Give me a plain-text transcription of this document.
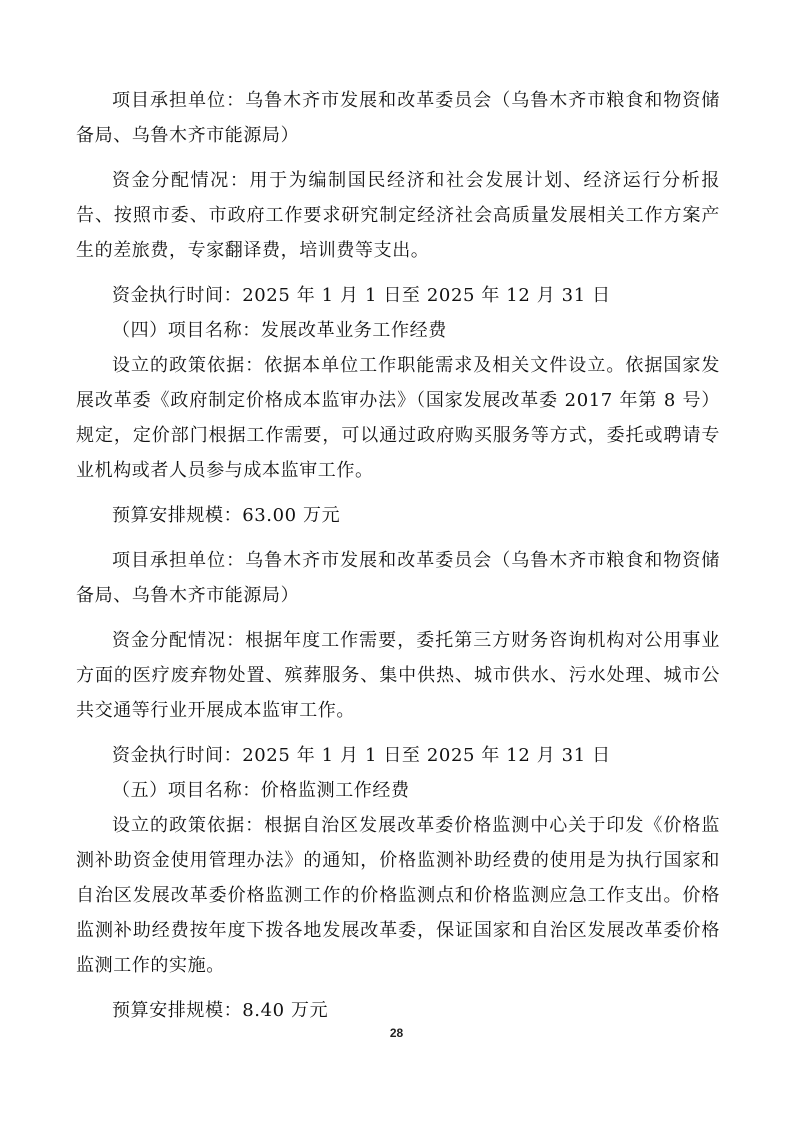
项目承担单位：乌鲁木齐市发展和改革委员会（乌鲁木齐市粮食和物资储备局、乌鲁木齐市能源局）

资金分配情况：用于为编制国民经济和社会发展计划、经济运行分析报告、按照市委、市政府工作要求研究制定经济社会高质量发展相关工作方案产生的差旅费，专家翻译费，培训费等支出。

资金执行时间：2025 年 1 月 1 日至 2025 年 12 月 31 日

（四）项目名称：发展改革业务工作经费

设立的政策依据：依据本单位工作职能需求及相关文件设立。依据国家发展改革委《政府制定价格成本监审办法》（国家发展改革委 2017 年第 8 号）规定，定价部门根据工作需要，可以通过政府购买服务等方式，委托或聘请专业机构或者人员参与成本监审工作。

预算安排规模：63.00 万元

项目承担单位：乌鲁木齐市发展和改革委员会（乌鲁木齐市粮食和物资储备局、乌鲁木齐市能源局）

资金分配情况：根据年度工作需要，委托第三方财务咨询机构对公用事业方面的医疗废弃物处置、殡葬服务、集中供热、城市供水、污水处理、城市公共交通等行业开展成本监审工作。

资金执行时间：2025 年 1 月 1 日至 2025 年 12 月 31 日

（五）项目名称：价格监测工作经费

设立的政策依据：根据自治区发展改革委价格监测中心关于印发《价格监测补助资金使用管理办法》的通知，价格监测补助经费的使用是为执行国家和自治区发展改革委价格监测工作的价格监测点和价格监测应急工作支出。价格监测补助经费按年度下拨各地发展改革委，保证国家和自治区发展改革委价格监测工作的实施。

预算安排规模：8.40 万元

28
